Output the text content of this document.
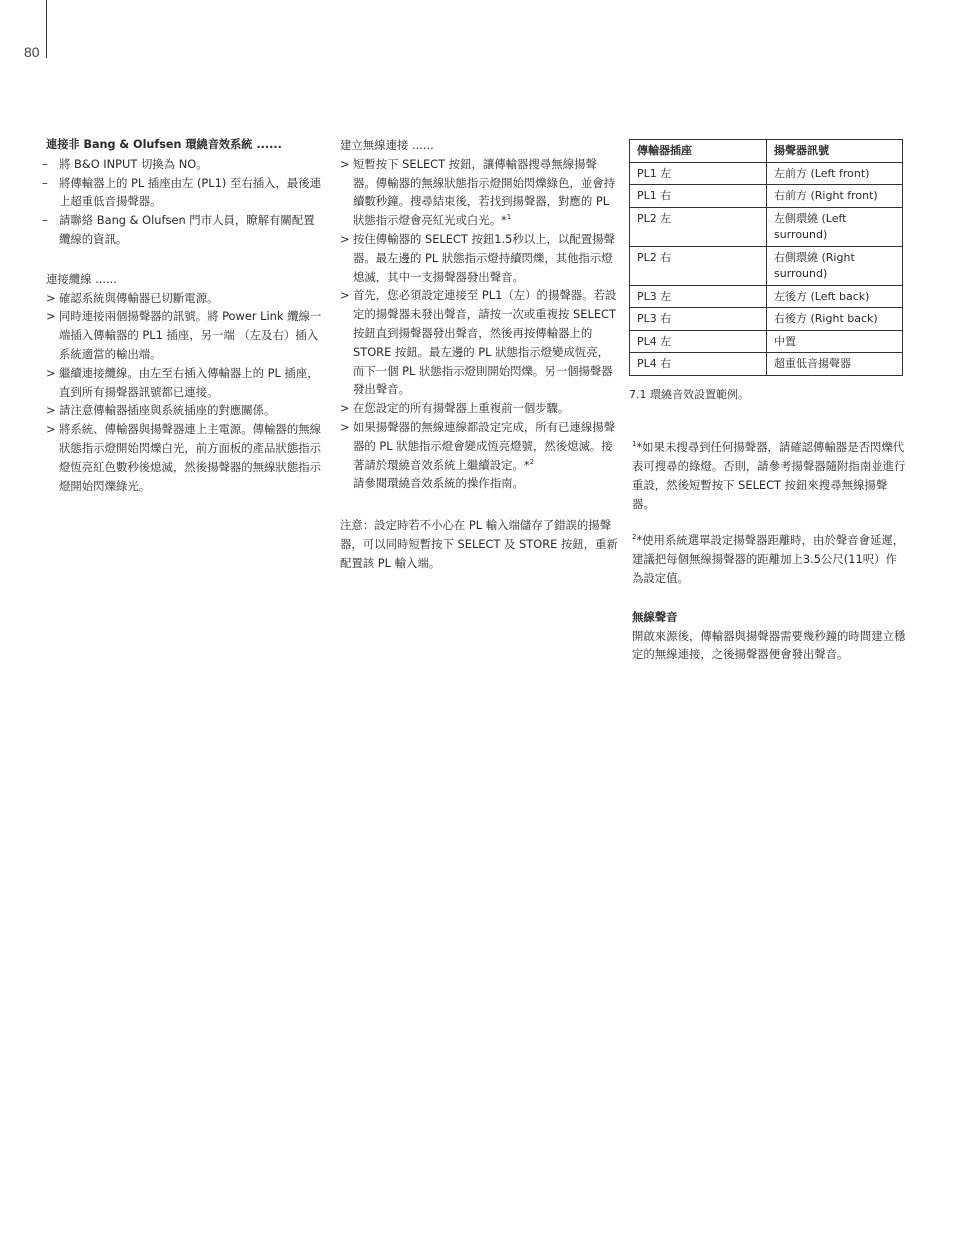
80

連接非 Bang & Olufsen 環繞音效系統 ......

– 將 B&O INPUT 切換為 NO。
– 將傳輸器上的 PL 插座由左 (PL1) 至右插入，最後連上超重低音揚聲器。
– 請聯絡 Bang & Olufsen 門市人員，瞭解有關配置纜線的資訊。

連接纜線 ......

> 確認系統與傳輸器已切斷電源。
> 同時連接兩個揚聲器的訊號。將 Power Link 纜線一端插入傳輸器的 PL1 插座，另一端 （左及右）插入系統適當的輸出端。
> 繼續連接纜線。由左至右插入傳輸器上的 PL 插座，直到所有揚聲器訊號都已連接。
> 請注意傳輸器插座與系統插座的對應關係。
> 將系統、傳輸器與揚聲器連上主電源。傳輸器的無線狀態指示燈開始閃爍白光，前方面板的產品狀態指示燈恆亮紅色數秒後熄滅，然後揚聲器的無線狀態指示燈開始閃爍綠光。

建立無線連接 ......

> 短暫按下 SELECT 按鈕，讓傳輸器搜尋無線揚聲器。傳輸器的無線狀態指示燈開始閃爍綠色，並會持續數秒鐘。搜尋結束後，若找到揚聲器，對應的 PL 狀態指示燈會亮紅光或白光。*$^1$
> 按住傳輸器的 SELECT 按鈕1.5秒以上，以配置揚聲器。最左邊的 PL 狀態指示燈持續閃爍，其他指示燈熄滅，其中一支揚聲器發出聲音。
> 首先，您必須設定連接至 PL1（左）的揚聲器。若設定的揚聲器未發出聲音，請按一次或重複按 SELECT 按鈕直到揚聲器發出聲音，然後再按傳輸器上的 STORE 按鈕。最左邊的 PL 狀態指示燈變成恆亮，而下一個 PL 狀態指示燈則開始閃爍。另一個揚聲器發出聲音。
> 在您設定的所有揚聲器上重複前一個步驟。
> 如果揚聲器的無線連線都設定完成，所有已連線揚聲器的 PL 狀態指示燈會變成恆亮燈號，然後熄滅。接著請於環繞音效系統上繼續設定。*$^2$
請參閱環繞音效系統的操作指南。

注意：設定時若不小心在 PL 輸入端儲存了錯誤的揚聲器，可以同時短暫按下 SELECT 及 STORE 按鈕，重新配置該 PL 輸入端。

傳輸器插座	揚聲器訊號
PL1 左	左前方 (Left front)
PL1 右	右前方 (Right front)
PL2 左	左側環繞 (Left surround)
PL2 右	右側環繞 (Right surround)
PL3 左	左後方 (Left back)
PL3 右	右後方 (Right back)
PL4 左	中置
PL4 右	超重低音揚聲器

7.1 環繞音效設置範例。

$^1$*如果未搜尋到任何揚聲器，請確認傳輸器是否閃爍代表可搜尋的綠燈。否則，請參考揚聲器隨附指南並進行重設，然後短暫按下 SELECT 按鈕來搜尋無線揚聲器。

$^2$*使用系統選單設定揚聲器距離時，由於聲音會延遲，建議把每個無線揚聲器的距離加上3.5公尺(11呎）作為設定值。

無線聲音

開啟來源後，傳輸器與揚聲器需要幾秒鐘的時間建立穩定的無線連接，之後揚聲器便會發出聲音。
